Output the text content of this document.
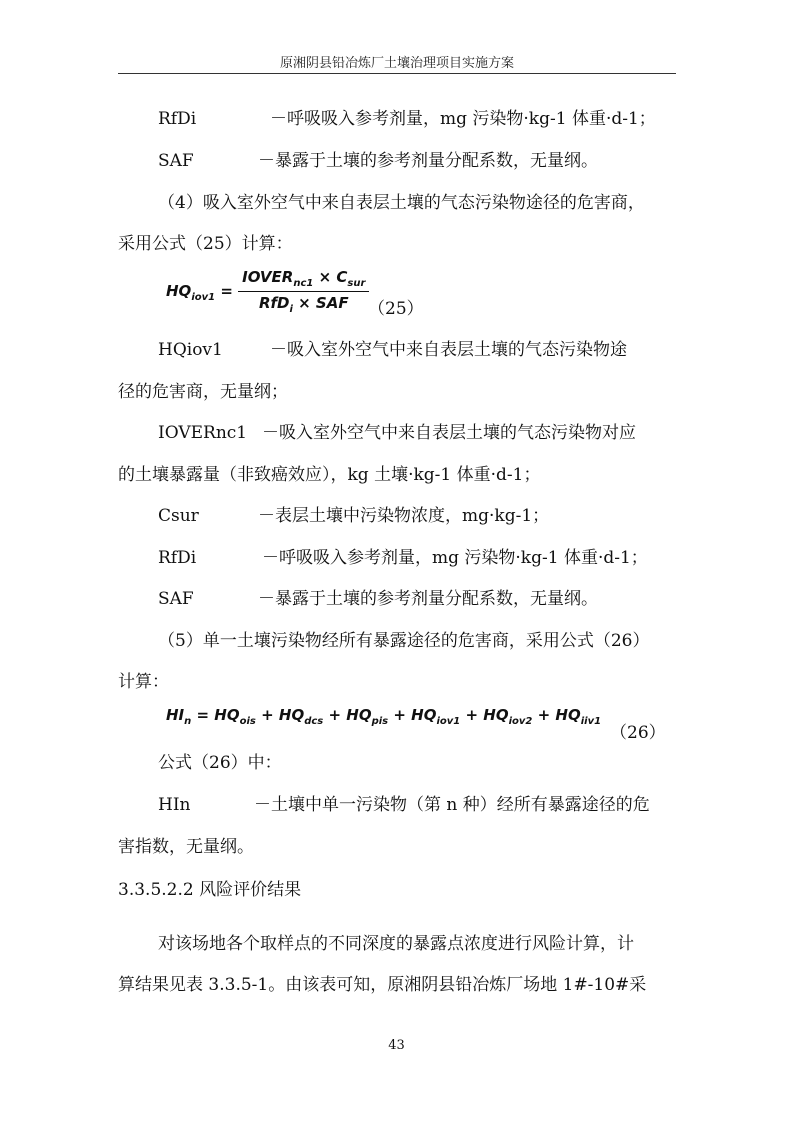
原湘阴县铅冶炼厂土壤治理项目实施方案
RfDi	－呼吸吸入参考剂量，mg 污染物·kg-1 体重·d-1；
SAF	－暴露于土壤的参考剂量分配系数，无量纲。
（4）吸入室外空气中来自表层土壤的气态污染物途径的危害商，
采用公式（25）计算：
$HQ_{iov1} = \frac{IOVER_{nc1} \times C_{sur}}{RfD_i \times SAF}$
（25）
HQiov1	－吸入室外空气中来自表层土壤的气态污染物途
径的危害商，无量纲；
IOVERnc1 －吸入室外空气中来自表层土壤的气态污染物对应
的土壤暴露量（非致癌效应），kg 土壤·kg-1 体重·d-1；
Csur	－表层土壤中污染物浓度，mg·kg-1；
RfDi	－呼吸吸入参考剂量，mg 污染物·kg-1 体重·d-1；
SAF	－暴露于土壤的参考剂量分配系数，无量纲。
（5）单一土壤污染物经所有暴露途径的危害商，采用公式（26）
计算：
$HI_n = HQ_{ois} + HQ_{dcs} + HQ_{pis} + HQ_{iov1} + HQ_{iov2} + HQ_{iiv1}$
（26）
公式（26）中：
HIn	－土壤中单一污染物（第 n 种）经所有暴露途径的危
害指数，无量纲。
3.3.5.2.2 风险评价结果
对该场地各个取样点的不同深度的暴露点浓度进行风险计算，计
算结果见表 3.3.5-1。由该表可知，原湘阴县铅冶炼厂场地 1#-10#采
43
